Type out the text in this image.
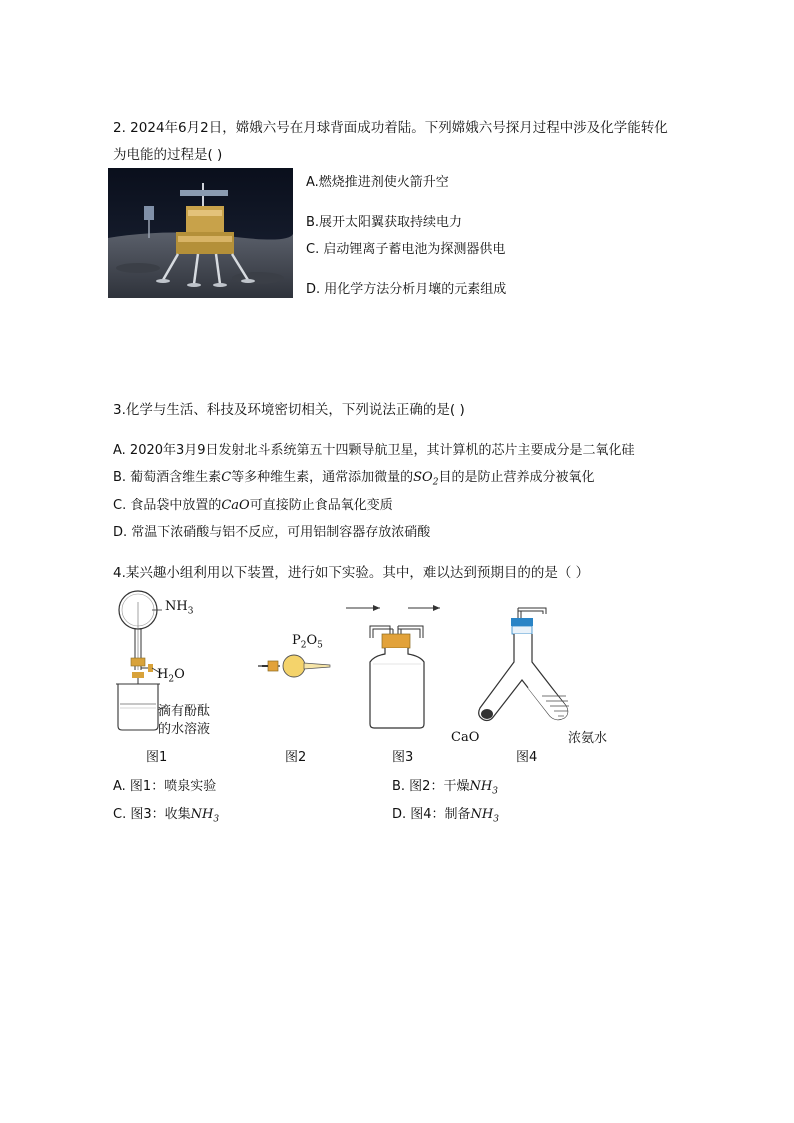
2. 2024年6月2日，嫦娥六号在月球背面成功着陆。下列嫦娥六号探月过程中涉及化学能转化
为电能的过程是( )
A.燃烧推进剂使火箭升空
B.展开太阳翼获取持续电力
C. 启动锂离子蓄电池为探测器供电
D. 用化学方法分析月壤的元素组成
3.化学与生活、科技及环境密切相关，下列说法正确的是( )
A. 2020年3月9日发射北斗系统第五十四颗导航卫星，其计算机的芯片主要成分是二氧化硅
B. 葡萄酒含维生素C等多种维生素，通常添加微量的$SO_2$目的是防止营养成分被氧化
C. 食品袋中放置的CaO可直接防止食品氧化变质
D. 常温下浓硝酸与铝不反应，可用铝制容器存放浓硝酸
4.某兴趣小组利用以下装置，进行如下实验。其中，难以达到预期目的的是（ ）
$NH_3$
$H_2O$
滴有酚酞
的水溶液
图1
$P_2O_5$
图2	图3
CaO	浓氨水
图4
A. 图1：喷泉实验	B. 图2：干燥$NH_3$
C. 图3：收集$NH_3$	D. 图4：制备$NH_3$
